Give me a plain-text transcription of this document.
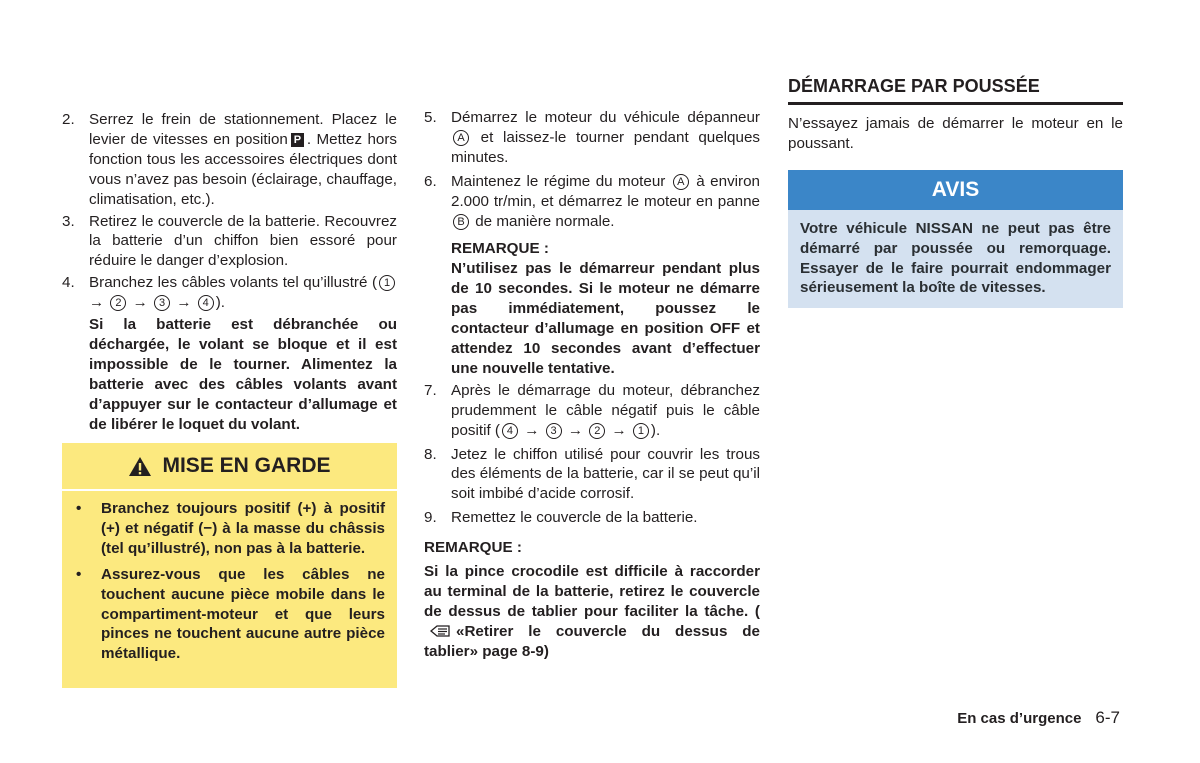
2. Serrez le frein de stationnement. Placez le levier de vitesses en position P . Mettez hors fonction tous les accessoires électriques dont vous n’avez pas besoin (éclairage, chauffage, climatisation, etc.).
3. Retirez le couvercle de la batterie. Recouvrez la batterie d’un chiffon bien essoré pour réduire le danger d’explosion.
4. Branchez les câbles volants tel qu’illustré ( 1 → 2 → 3 → 4 ).
Si la batterie est débranchée ou déchargée, le volant se bloque et il est impossible de le tourner. Alimentez la batterie avec des câbles volants avant d’appuyer sur le contacteur d’allumage et de libérer le loquet du volant.
MISE EN GARDE
•	Branchez toujours positif (+) à positif (+) et négatif (−) à la masse du châssis (tel qu’illustré), non pas à la batterie.
•	Assurez-vous que les câbles ne touchent aucune pièce mobile dans le compartiment-moteur et que leurs pinces ne touchent aucune autre pièce métallique.
5. Démarrez le moteur du véhicule dépanneur A et laissez-le tourner pendant quelques minutes.
6. Maintenez le régime du moteur A à environ 2.000 tr/min, et démarrez le moteur en panne B de manière normale.
REMARQUE :
N’utilisez pas le démarreur pendant plus de 10 secondes. Si le moteur ne démarre pas immédiatement, poussez le contacteur d’allumage en position OFF et attendez 10 secondes avant d’effectuer une nouvelle tentative.
7. Après le démarrage du moteur, débranchez prudemment le câble négatif puis le câble positif ( 4 → 3 → 2 → 1 ).
8. Jetez le chiffon utilisé pour couvrir les trous des éléments de la batterie, car il se peut qu’il soit imbibé d’acide corrosif.
9. Remettez le couvercle de la batterie.
REMARQUE :
Si la pince crocodile est difficile à raccorder au terminal de la batterie, retirez le couvercle de dessus de tablier pour faciliter la tâche. («Retirer le couvercle du dessus de tablier» page 8-9)
DÉMARRAGE PAR POUSSÉE
N’essayez jamais de démarrer le moteur en le poussant.
AVIS
Votre véhicule NISSAN ne peut pas être démarré par poussée ou remorquage. Essayer de le faire pourrait endommager sérieusement la boîte de vitesses.
En cas d’urgence 6-7
